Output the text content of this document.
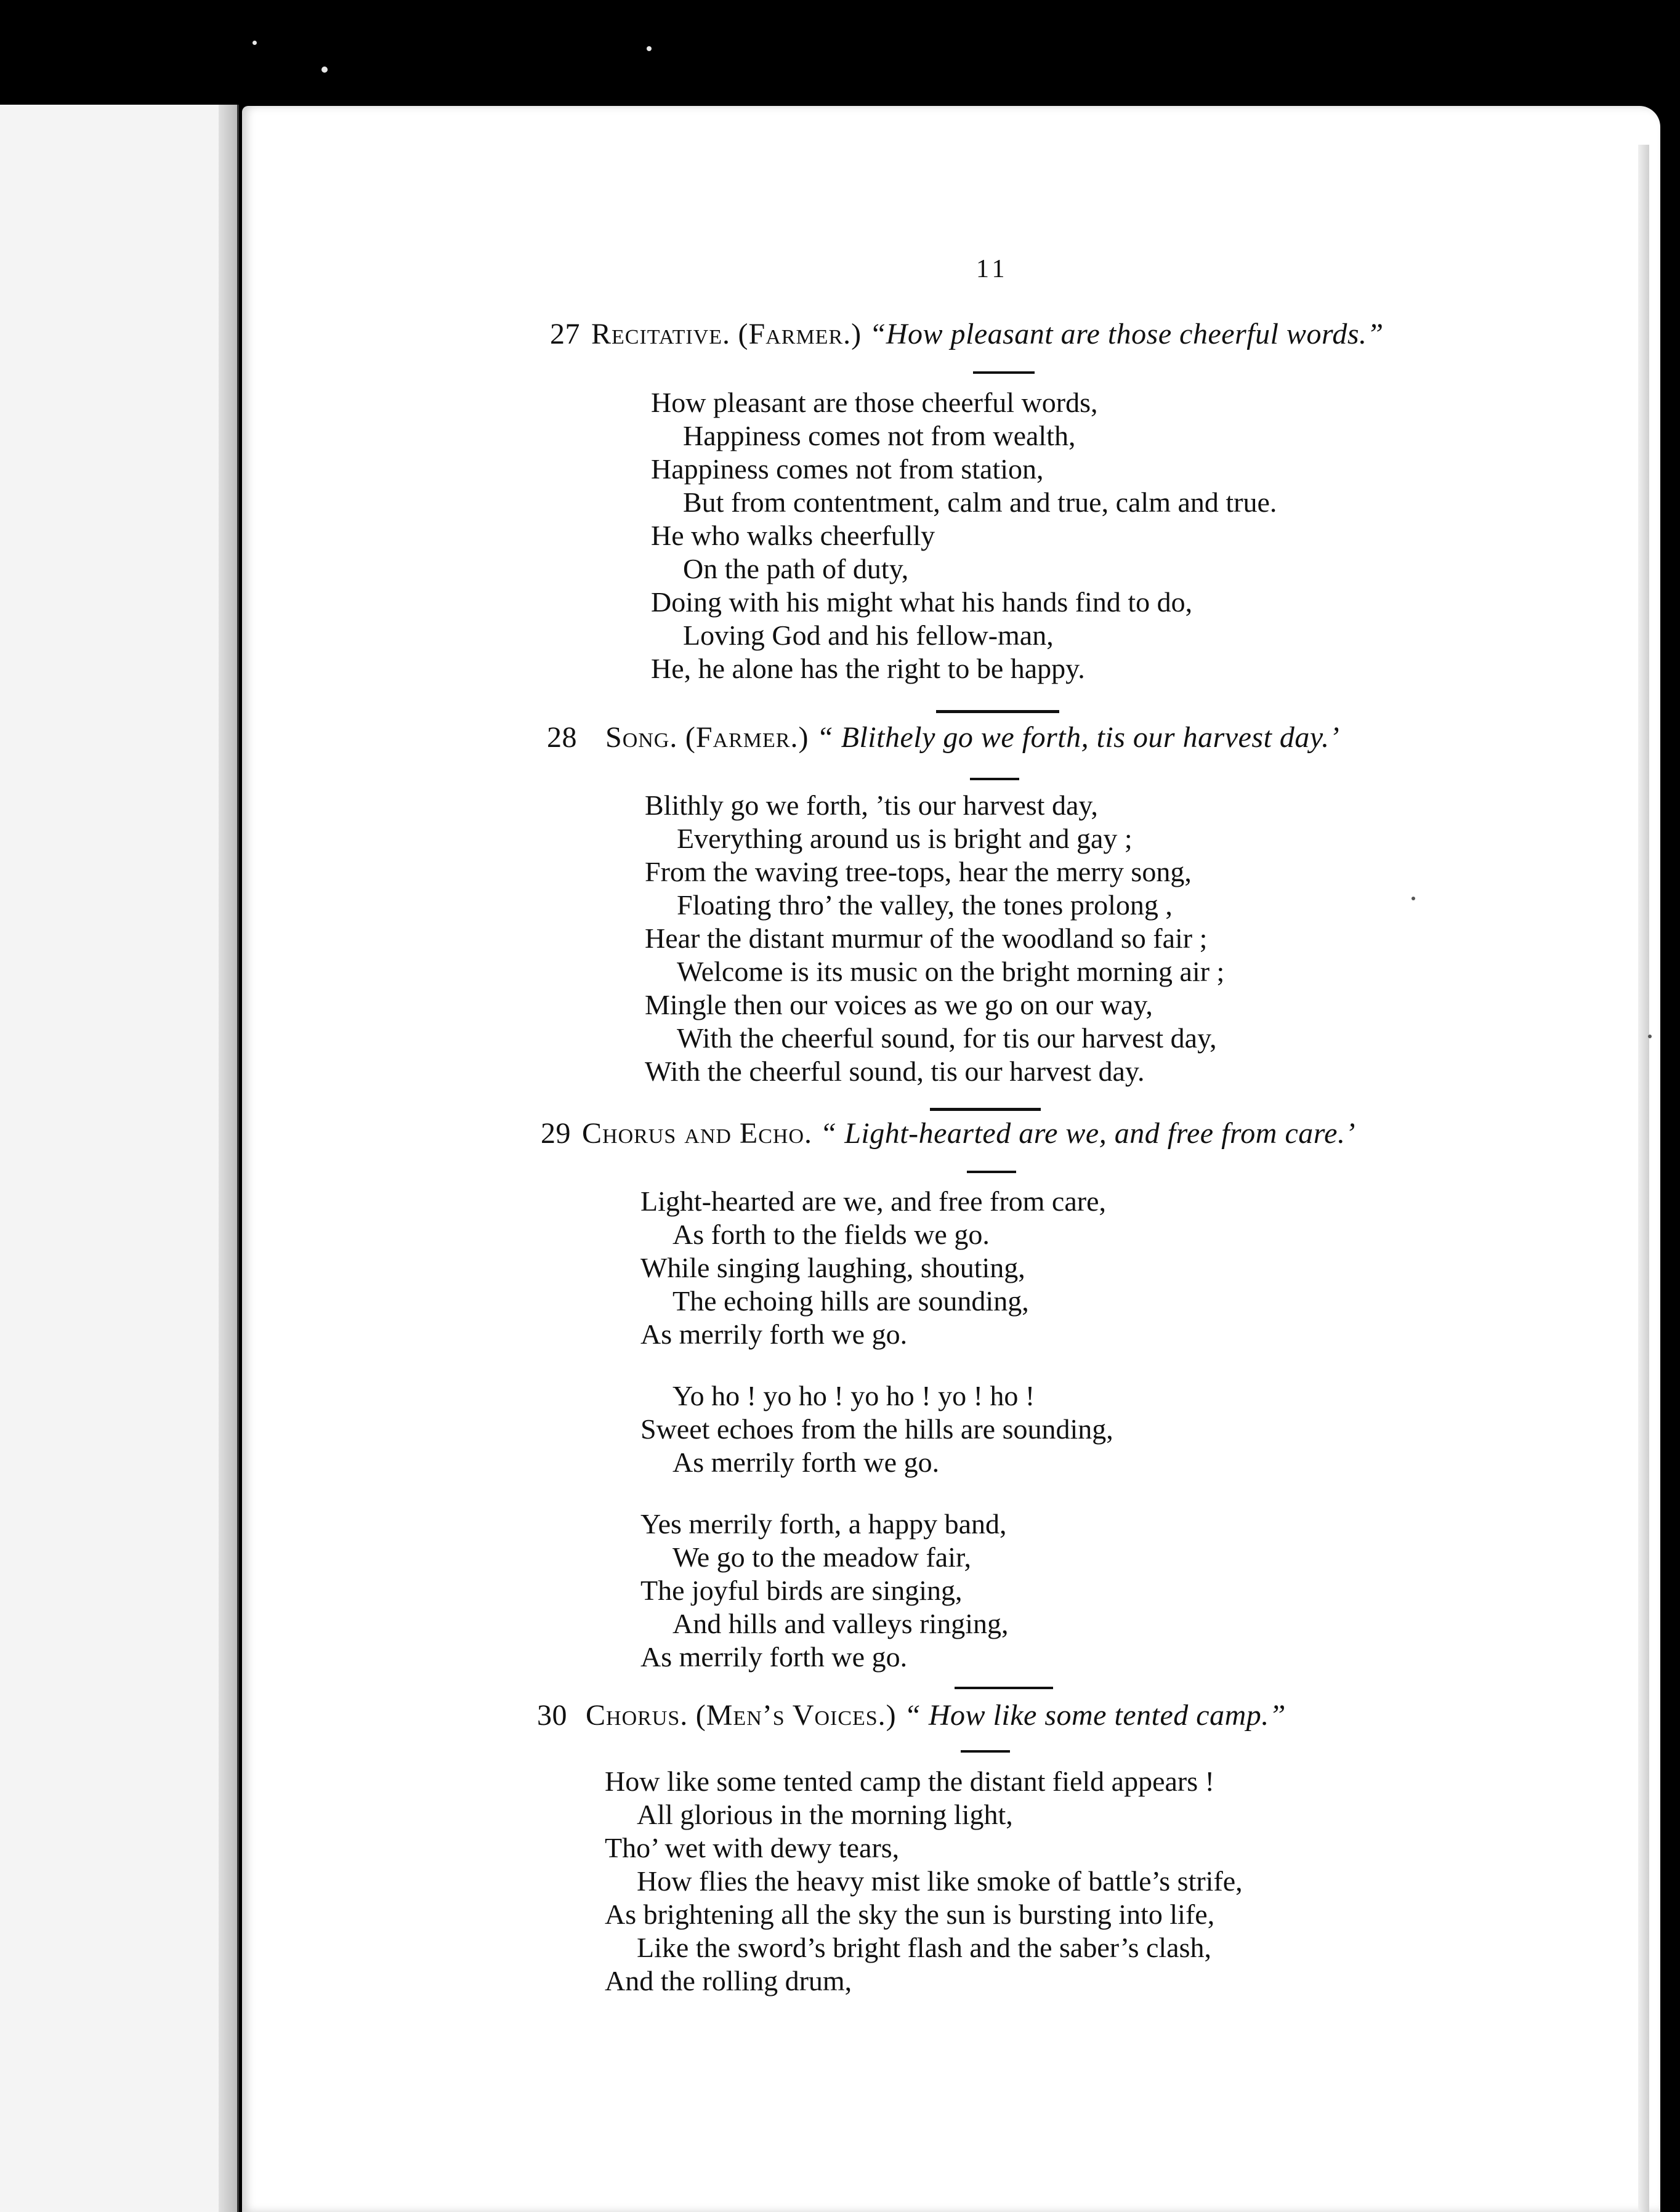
11
27 Recitative. (Farmer.) “How pleasant are those cheerful words.”
How pleasant are those cheerful words,
Happiness comes not from wealth,
Happiness comes not from station,
But from contentment, calm and true, calm and true.
He who walks cheerfully
On the path of duty,
Doing with his might what his hands find to do,
Loving God and his fellow-man,
He, he alone has the right to be happy.
28 Song. (Farmer.) “ Blithely go we forth, tis our harvest day.’
Blithly go we forth, ’tis our harvest day,
Everything around us is bright and gay ;
From the waving tree-tops, hear the merry song,
Floating thro’ the valley, the tones prolong ,
Hear the distant murmur of the woodland so fair ;
Welcome is its music on the bright morning air ;
Mingle then our voices as we go on our way,
With the cheerful sound, for tis our harvest day,
With the cheerful sound, tis our harvest day.
29 Chorus and Echo. “ Light-hearted are we, and free from care.’
Light-hearted are we, and free from care,
As forth to the fields we go.
While singing laughing, shouting,
The echoing hills are sounding,
As merrily forth we go.
Yo ho ! yo ho ! yo ho ! yo ! ho !
Sweet echoes from the hills are sounding,
As merrily forth we go.
Yes merrily forth, a happy band,
We go to the meadow fair,
The joyful birds are singing,
And hills and valleys ringing,
As merrily forth we go.
30 Chorus. (Men’s Voices.) “ How like some tented camp.”
How like some tented camp the distant field appears !
All glorious in the morning light,
Tho’ wet with dewy tears,
How flies the heavy mist like smoke of battle’s strife,
As brightening all the sky the sun is bursting into life,
Like the sword’s bright flash and the saber’s clash,
And the rolling drum,
